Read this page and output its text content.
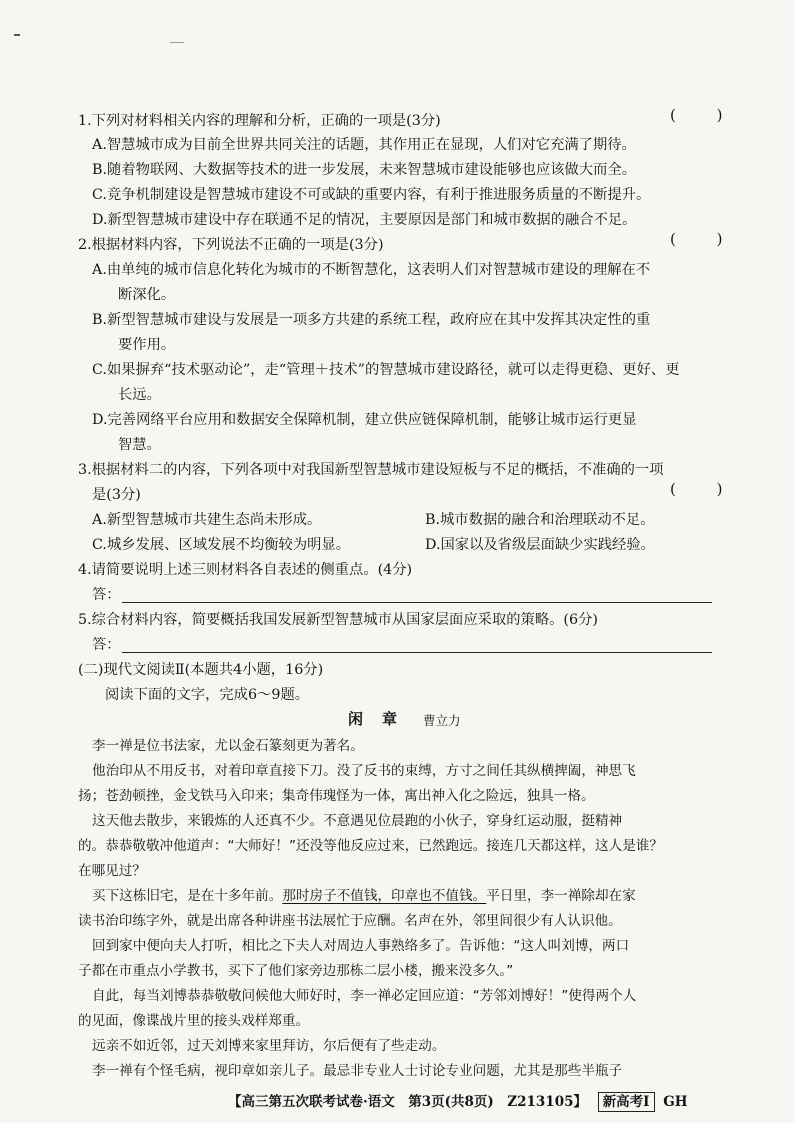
1.下列对材料相关内容的理解和分析，正确的一项是(3分)	( )
A.智慧城市成为目前全世界共同关注的话题，其作用正在显现，人们对它充满了期待。
B.随着物联网、大数据等技术的进一步发展，未来智慧城市建设能够也应该做大而全。
C.竞争机制建设是智慧城市建设不可或缺的重要内容，有利于推进服务质量的不断提升。
D.新型智慧城市建设中存在联通不足的情况，主要原因是部门和城市数据的融合不足。
2.根据材料内容，下列说法不正确的一项是(3分)	( )
A.由单纯的城市信息化转化为城市的不断智慧化，这表明人们对智慧城市建设的理解在不
断深化。
B.新型智慧城市建设与发展是一项多方共建的系统工程，政府应在其中发挥其决定性的重
要作用。
C.如果摒弃“技术驱动论”，走“管理＋技术”的智慧城市建设路径，就可以走得更稳、更好、更
长远。
D.完善网络平台应用和数据安全保障机制，建立供应链保障机制，能够让城市运行更显
智慧。
3.根据材料二的内容，下列各项中对我国新型智慧城市建设短板与不足的概括，不准确的一项
是(3分)	( )
A.新型智慧城市共建生态尚未形成。	B.城市数据的融合和治理联动不足。
C.城乡发展、区域发展不均衡较为明显。	D.国家以及省级层面缺少实践经验。
4.请简要说明上述三则材料各自表述的侧重点。(4分)
答：
5.综合材料内容，简要概括我国发展新型智慧城市从国家层面应采取的策略。(6分)
答：
(二)现代文阅读Ⅱ(本题共4小题，16分)
阅读下面的文字，完成6～9题。
闲　章 曹立力
李一禅是位书法家，尤以金石篆刻更为著名。
他治印从不用反书，对着印章直接下刀。没了反书的束缚，方寸之间任其纵横捭阖，神思飞
扬；苍劲顿挫，金戈铁马入印来；集奇伟瑰怪为一体，寓出神入化之险远，独具一格。
这天他去散步，来锻炼的人还真不少。不意遇见位晨跑的小伙子，穿身红运动服，挺精神
的。恭恭敬敬冲他道声：“大师好！”还没等他反应过来，已然跑远。接连几天都这样，这人是谁？
在哪见过？
买下这栋旧宅，是在十多年前。那时房子不值钱，印章也不值钱。平日里，李一禅除却在家
读书治印练字外，就是出席各种讲座书法展忙于应酬。名声在外，邻里间很少有人认识他。
回到家中便向夫人打听，相比之下夫人对周边人事熟络多了。告诉他：“这人叫刘博，两口
子都在市重点小学教书，买下了他们家旁边那栋二层小楼，搬来没多久。”
自此，每当刘博恭恭敬敬问候他大师好时，李一禅必定回应道：“芳邻刘博好！”使得两个人
的见面，像谍战片里的接头戏样郑重。
远亲不如近邻，过天刘博来家里拜访，尔后便有了些走动。
李一禅有个怪毛病，视印章如亲儿子。最忌非专业人士讨论专业问题，尤其是那些半瓶子
【高三第五次联考试卷·语文　第3页(共8页)　Z213105】 新高考Ⅰ GH
